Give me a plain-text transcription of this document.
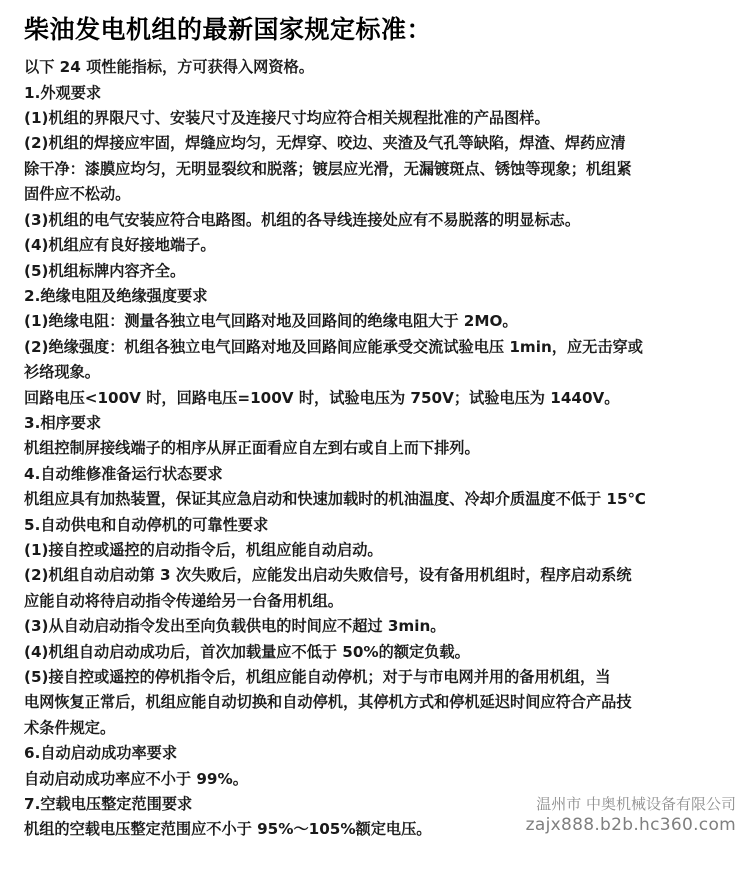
柴油发电机组的最新国家规定标准：
以下 24 项性能指标，方可获得入网资格。
1.外观要求
(1)机组的界限尺寸、安装尺寸及连接尺寸均应符合相关规程批准的产品图样。
(2)机组的焊接应牢固，焊缝应均匀，无焊穿、咬边、夹渣及气孔等缺陷，焊渣、焊药应清
除干净：漆膜应均匀，无明显裂纹和脱落；镀层应光滑，无漏镀斑点、锈蚀等现象；机组紧
固件应不松动。
(3)机组的电气安装应符合电路图。机组的各导线连接处应有不易脱落的明显标志。
(4)机组应有良好接地端子。
(5)机组标牌内容齐全。
2.绝缘电阻及绝缘强度要求
(1)绝缘电阻：测量各独立电气回路对地及回路间的绝缘电阻大于 2MO。
(2)绝缘强度：机组各独立电气回路对地及回路间应能承受交流试验电压 1min，应无击穿或
衫络现象。
回路电压<100V 时，回路电压=100V 时，试验电压为 750V；试验电压为 1440V。
3.相序要求
机组控制屏接线端子的相序从屏正面看应自左到右或自上而下排列。
4.自动维修准备运行状态要求
机组应具有加热装置，保证其应急启动和快速加载时的机油温度、冷却介质温度不低于 15℃
5.自动供电和自动停机的可靠性要求
(1)接自控或遥控的启动指令后，机组应能自动启动。
(2)机组自动启动第 3 次失败后，应能发出启动失败信号，设有备用机组时，程序启动系统
应能自动将待启动指令传递给另一台备用机组。
(3)从自动启动指令发出至向负载供电的时间应不超过 3min。
(4)机组自动启动成功后，首次加载量应不低于 50%的额定负载。
(5)接自控或遥控的停机指令后，机组应能自动停机；对于与市电网并用的备用机组，当
电网恢复正常后，机组应能自动切换和自动停机，其停机方式和停机延迟时间应符合产品技
术条件规定。
6.自动启动成功率要求
自动启动成功率应不小于 99%。
7.空载电压整定范围要求
机组的空载电压整定范围应不小于 95%～105%额定电压。
温州市 中奥机械设备有限公司
zajx888.b2b.hc360.com
